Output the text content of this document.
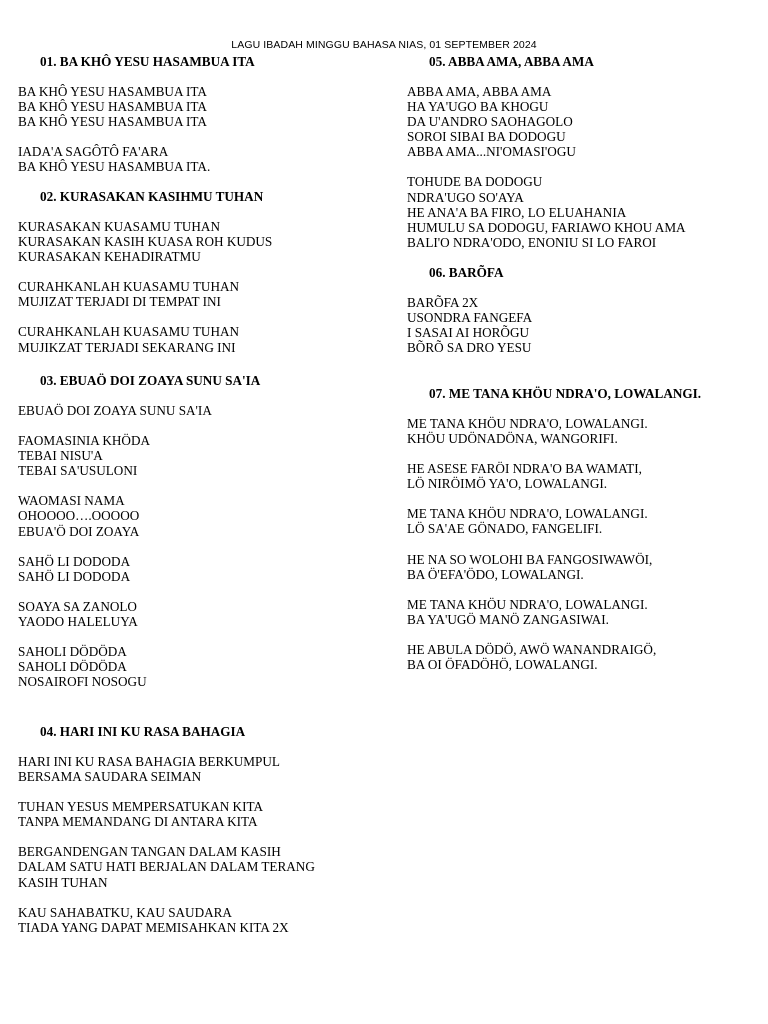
LAGU IBADAH MINGGU BAHASA NIAS, 01 SEPTEMBER 2024
01. BA KHÔ YESU HASAMBUA ITA
BA KHÔ YESU HASAMBUA ITA
BA KHÔ YESU HASAMBUA ITA
BA KHÔ YESU HASAMBUA ITA
IADA'A SAGÔTÔ FA'ARA
BA KHÔ YESU HASAMBUA ITA.
02. KURASAKAN KASIHMU TUHAN
KURASAKAN KUASAMU TUHAN
KURASAKAN KASIH KUASA ROH KUDUS
KURASAKAN KEHADIRATMU
CURAHKANLAH KUASAMU TUHAN
MUJIZAT TERJADI DI TEMPAT INI
CURAHKANLAH KUASAMU TUHAN
MUJIKZAT TERJADI SEKARANG INI
03. EBUAÖ DOI ZOAYA SUNU SA'IA
EBUAÖ DOI ZOAYA SUNU SA'IA
FAOMASINIA KHÖDA
TEBAI NISU'A
TEBAI SA'USULONI
WAOMASI NAMA
OHOOOO….OOOOO
EBUA'Ö DOI ZOAYA
SAHÖ LI DODODA
SAHÖ LI DODODA
SOAYA SA ZANOLO
YAODO HALELUYA
SAHOLI DÖDÖDA
SAHOLI DÖDÖDA
NOSAIROFI NOSOGU
04. HARI INI KU RASA BAHAGIA
HARI INI KU RASA BAHAGIA BERKUMPUL
BERSAMA SAUDARA SEIMAN
TUHAN YESUS MEMPERSATUKAN KITA
TANPA MEMANDANG DI ANTARA KITA
BERGANDENGAN TANGAN DALAM KASIH
DALAM SATU HATI BERJALAN DALAM TERANG
KASIH TUHAN
KAU SAHABATKU, KAU SAUDARA
TIADA YANG DAPAT MEMISAHKAN KITA 2X
05. ABBA AMA, ABBA AMA
ABBA AMA, ABBA AMA
HA YA'UGO BA KHOGU
DA U'ANDRO SAOHAGOLO
SOROI SIBAI BA DODOGU
ABBA AMA...NI'OMASI'OGU
TOHUDE BA DODOGU
NDRA'UGO SO'AYA
HE ANA'A BA FIRO, LO ELUAHANIA
HUMULU SA DODOGU, FARIAWO KHOU AMA
BALI'O NDRA'ODO, ENONIU SI LO FAROI
06. BARÕFA
BARÕFA 2X
USONDRA FANGEFA
I SASAI AI HORÕGU
BÕRÕ SA DRO YESU
07. ME TANA KHÖU NDRA'O, LOWALANGI.
ME TANA KHÖU NDRA'O, LOWALANGI.
KHÖU UDÖNADÖNA, WANGORIFI.
HE ASESE FARÖI NDRA'O BA WAMATI,
LÖ NIRÖIMÖ YA'O, LOWALANGI.
ME TANA KHÖU NDRA'O, LOWALANGI.
LÖ SA'AE GÖNADO, FANGELIFI.
HE NA SO WOLOHI BA FANGOSIWAWÖI,
BA Ö'EFA'ÖDO, LOWALANGI.
ME TANA KHÖU NDRA'O, LOWALANGI.
BA YA'UGÖ MANÖ ZANGASIWAI.
HE ABULA DÖDÖ, AWÖ WANANDRAIGÖ,
BA OI ÖFADÖHÖ, LOWALANGI.
